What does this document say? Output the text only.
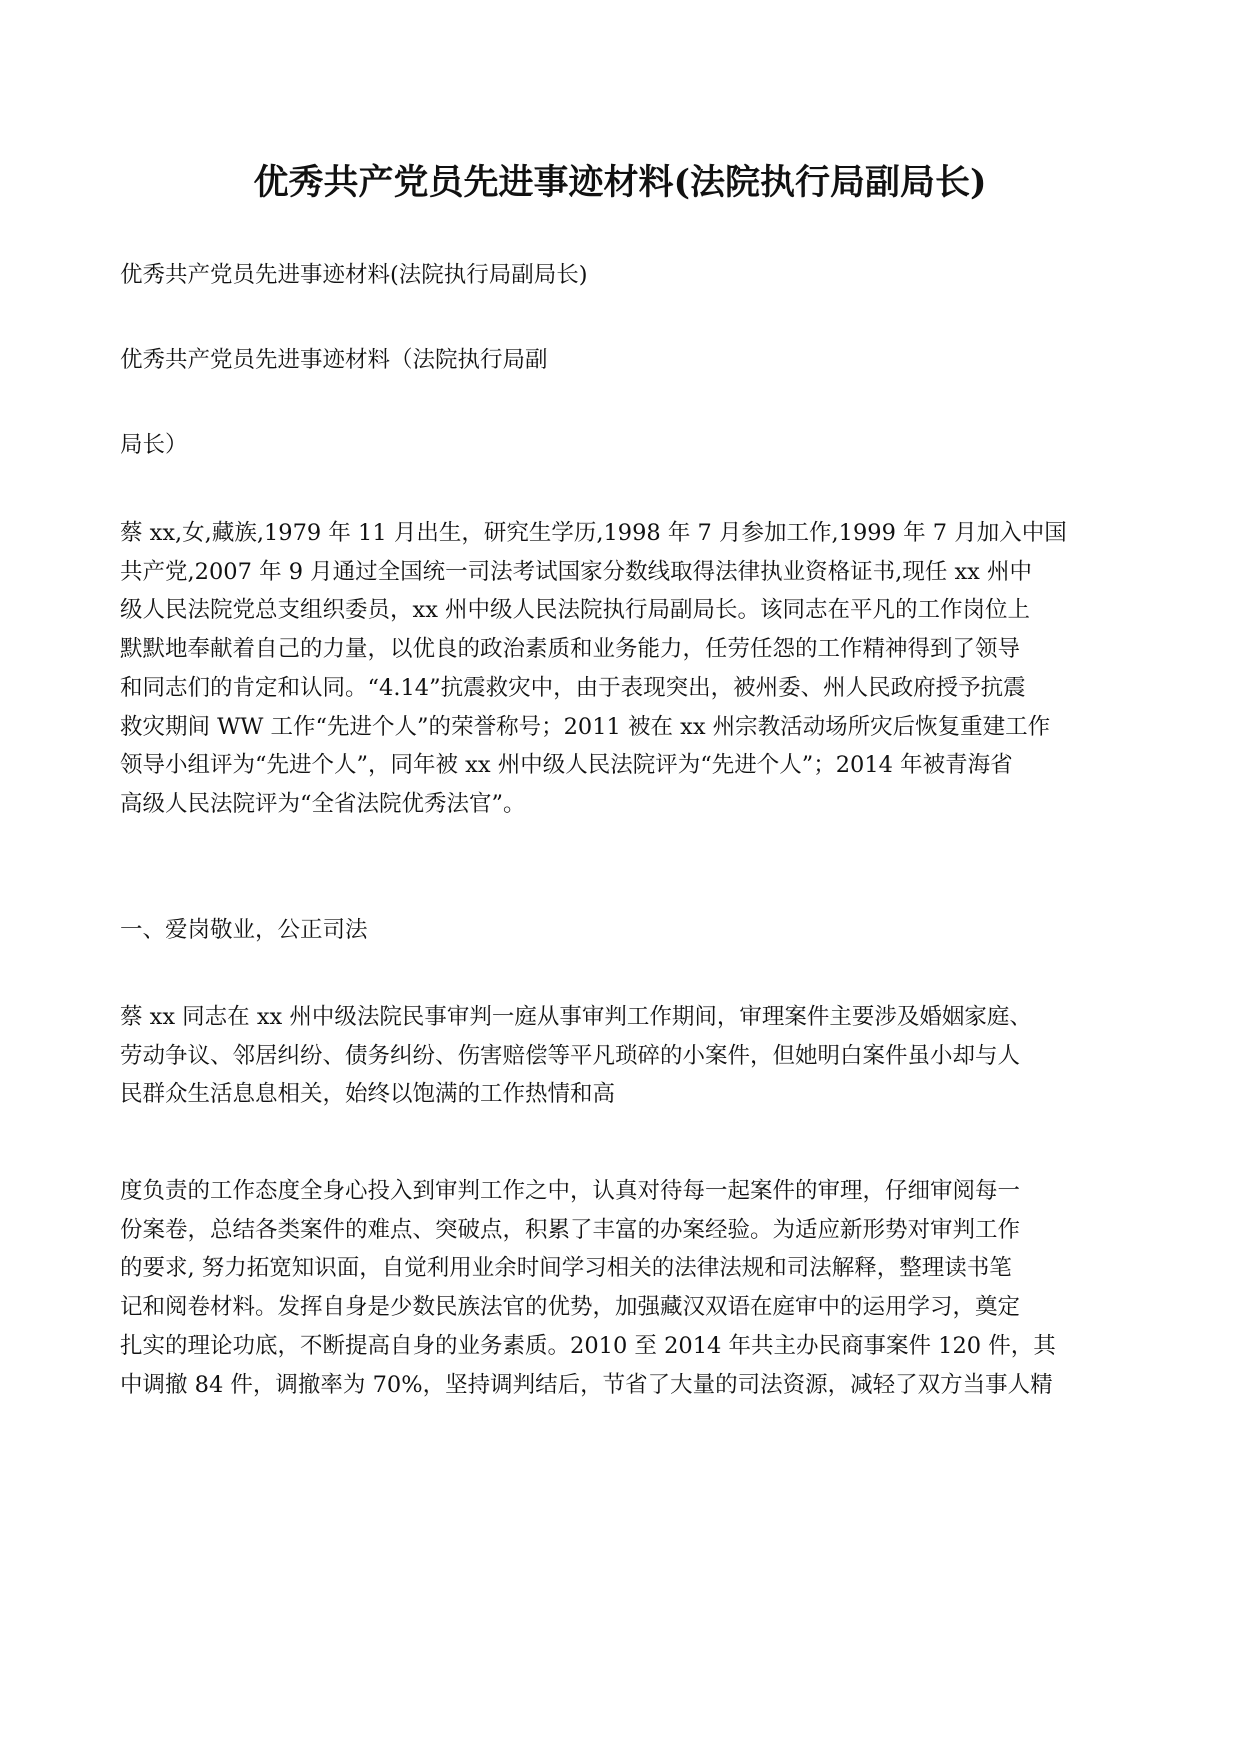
优秀共产党员先进事迹材料(法院执行局副局长)

优秀共产党员先进事迹材料(法院执行局副局长)

优秀共产党员先进事迹材料（法院执行局副

局长）

蔡 xx,女,藏族,1979 年 11 月出生，研究生学历,1998 年 7 月参加工作,1999 年 7 月加入中国
共产党,2007 年 9 月通过全国统一司法考试国家分数线取得法律执业资格证书,现任 xx 州中
级人民法院党总支组织委员，xx 州中级人民法院执行局副局长。该同志在平凡的工作岗位上
默默地奉献着自己的力量，以优良的政治素质和业务能力，任劳任怨的工作精神得到了领导
和同志们的肯定和认同。“4.14”抗震救灾中，由于表现突出，被州委、州人民政府授予抗震
救灾期间 WW 工作“先进个人”的荣誉称号；2011 被在 xx 州宗教活动场所灾后恢复重建工作
领导小组评为“先进个人”，同年被 xx 州中级人民法院评为“先进个人”；2014 年被青海省
高级人民法院评为“全省法院优秀法官”。

一、爱岗敬业，公正司法

蔡 xx 同志在 xx 州中级法院民事审判一庭从事审判工作期间，审理案件主要涉及婚姻家庭、
劳动争议、邻居纠纷、债务纠纷、伤害赔偿等平凡琐碎的小案件，但她明白案件虽小却与人
民群众生活息息相关，始终以饱满的工作热情和高
度负责的工作态度全身心投入到审判工作之中，认真对待每一起案件的审理，仔细审阅每一
份案卷，总结各类案件的难点、突破点，积累了丰富的办案经验。为适应新形势对审判工作
的要求, 努力拓宽知识面，自觉利用业余时间学习相关的法律法规和司法解释，整理读书笔
记和阅卷材料。发挥自身是少数民族法官的优势，加强藏汉双语在庭审中的运用学习，奠定
扎实的理论功底，不断提高自身的业务素质。2010 至 2014 年共主办民商事案件 120 件，其
中调撤 84 件，调撤率为 70%，坚持调判结后，节省了大量的司法资源，减轻了双方当事人精
